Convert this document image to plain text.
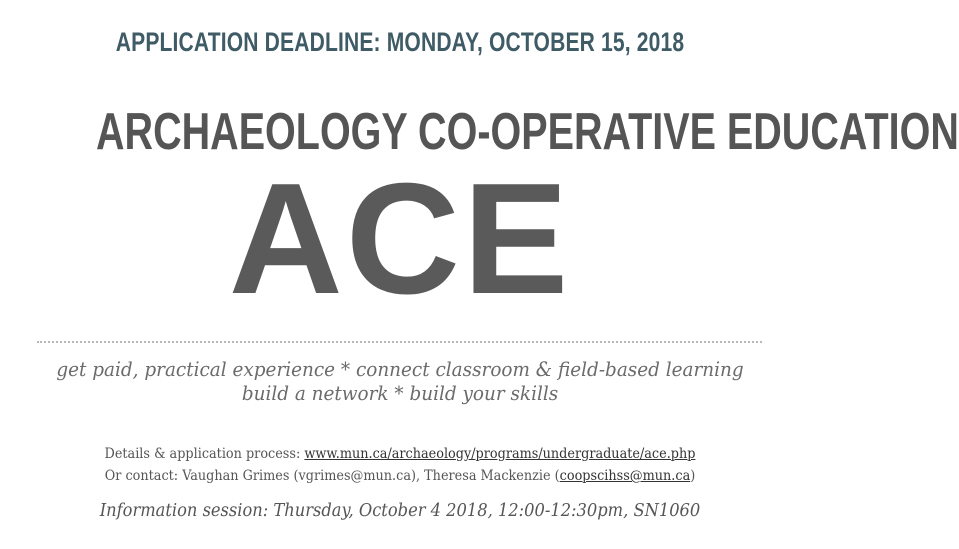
APPLICATION DEADLINE: MONDAY, OCTOBER 15, 2018
ARCHAEOLOGY CO-OPERATIVE EDUCATION
ACE
get paid, practical experience * connect classroom & field-based learning
build a network * build your skills
Details & application process: www.mun.ca/archaeology/programs/undergraduate/ace.php
Or contact: Vaughan Grimes (vgrimes@mun.ca), Theresa Mackenzie (coopscihss@mun.ca)
Information session: Thursday, October 4 2018, 12:00-12:30pm, SN1060
